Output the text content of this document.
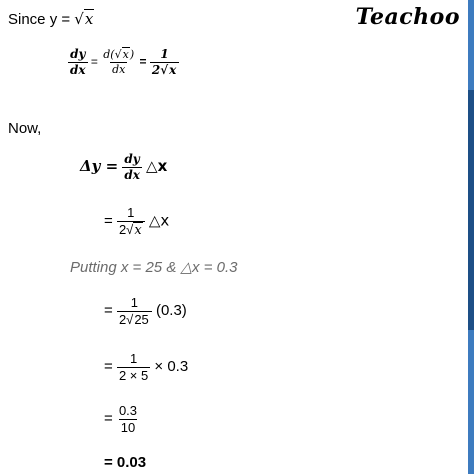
Teachoo
Since y = √x
$\frac{dy}{dx} = \frac{d(√x)}{dx} = \frac{1}{2√x}$
Now,
$\Delta y = \frac{dy}{dx}$ △x
= $\frac{1}{2√x}$ △x
Putting x = 25 & △x = 0.3
= $\frac{1}{2√25} (0.3)$
= $\frac{1}{2 \times 5} \times 0.3$
= $\frac{0.3}{10}$
= 0.03
